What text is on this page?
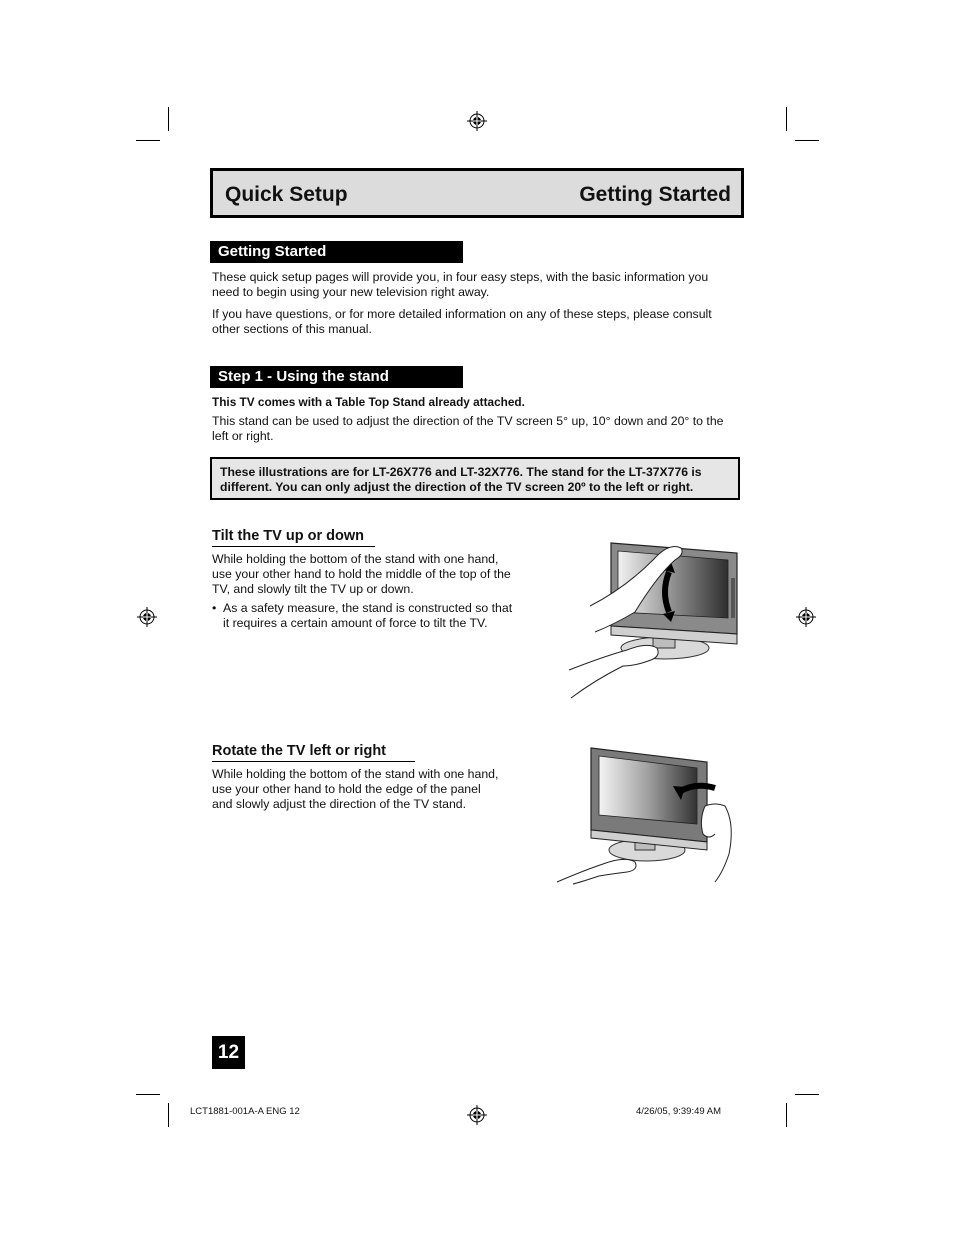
Quick Setup	Getting Started
Getting Started
These quick setup pages will provide you, in four easy steps, with the basic information you
need to begin using your new television right away.
If you have questions, or for more detailed information on any of these steps, please consult
other sections of this manual.
Step 1 - Using the stand
This TV comes with a Table Top Stand already attached.
This stand can be used to adjust the direction of the TV screen 5° up, 10° down and 20° to the
left or right.
These illustrations are for LT-26X776 and LT-32X776. The stand for the LT-37X776 is
different. You can only adjust the direction of the TV screen 20º to the left or right.
Tilt the TV up or down
While holding the bottom of the stand with one hand,
use your other hand to hold the middle of the top of the
TV, and slowly tilt the TV up or down.
• As a safety measure, the stand is constructed so that
it requires a certain amount of force to tilt the TV.
Rotate the TV left or right
While holding the bottom of the stand with one hand,
use your other hand to hold the edge of the panel
and slowly adjust the direction of the TV stand.
12
LCT1881-001A-A ENG 12	4/26/05, 9:39:49 AM
